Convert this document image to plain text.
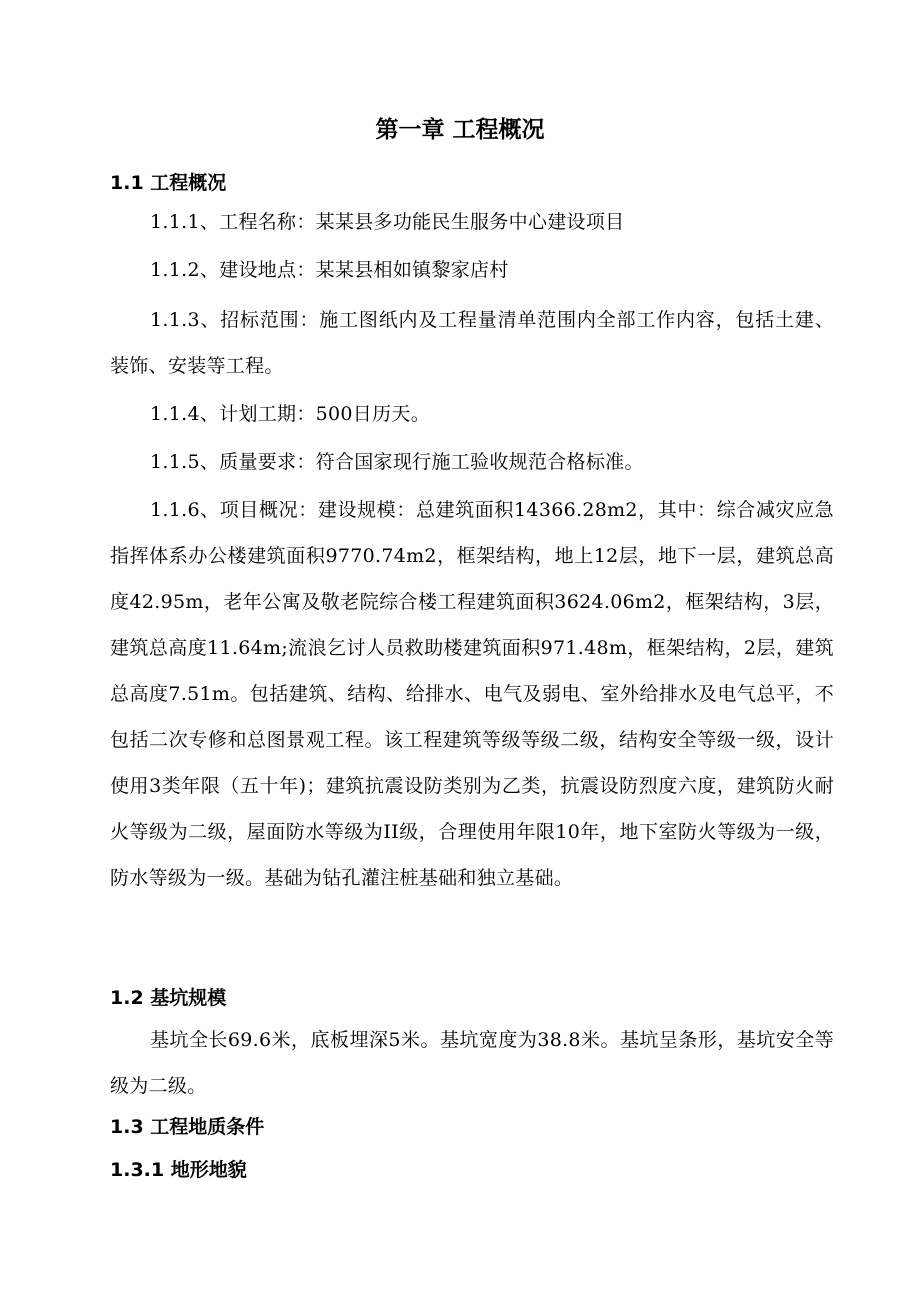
第一章 工程概况
1.1 工程概况

1.1.1、工程名称：某某县多功能民生服务中心建设项目

1.1.2、建设地点：某某县相如镇黎家店村

1.1.3、招标范围：施工图纸内及工程量清单范围内全部工作内容，包括土建、装饰、安装等工程。

1.1.4、计划工期：500日历天。

1.1.5、质量要求：符合国家现行施工验收规范合格标准。

1.1.6、项目概况：建设规模：总建筑面积14366.28m2，其中：综合减灾应急指挥体系办公楼建筑面积9770.74m2，框架结构，地上12层，地下一层，建筑总高度42.95m，老年公寓及敬老院综合楼工程建筑面积3624.06m2，框架结构，3层，建筑总高度11.64m;流浪乞讨人员救助楼建筑面积971.48m，框架结构，2层，建筑总高度7.51m。包括建筑、结构、给排水、电气及弱电、室外给排水及电气总平，不包括二次专修和总图景观工程。该工程建筑等级等级二级，结构安全等级一级，设计使用3类年限（五十年)；建筑抗震设防类别为乙类，抗震设防烈度六度，建筑防火耐火等级为二级，屋面防水等级为II级，合理使用年限10年，地下室防火等级为一级，防水等级为一级。基础为钻孔灌注桩基础和独立基础。

1.2 基坑规模

基坑全长69.6米，底板埋深5米。基坑宽度为38.8米。基坑呈条形，基坑安全等级为二级。

1.3 工程地质条件
1.3.1 地形地貌
